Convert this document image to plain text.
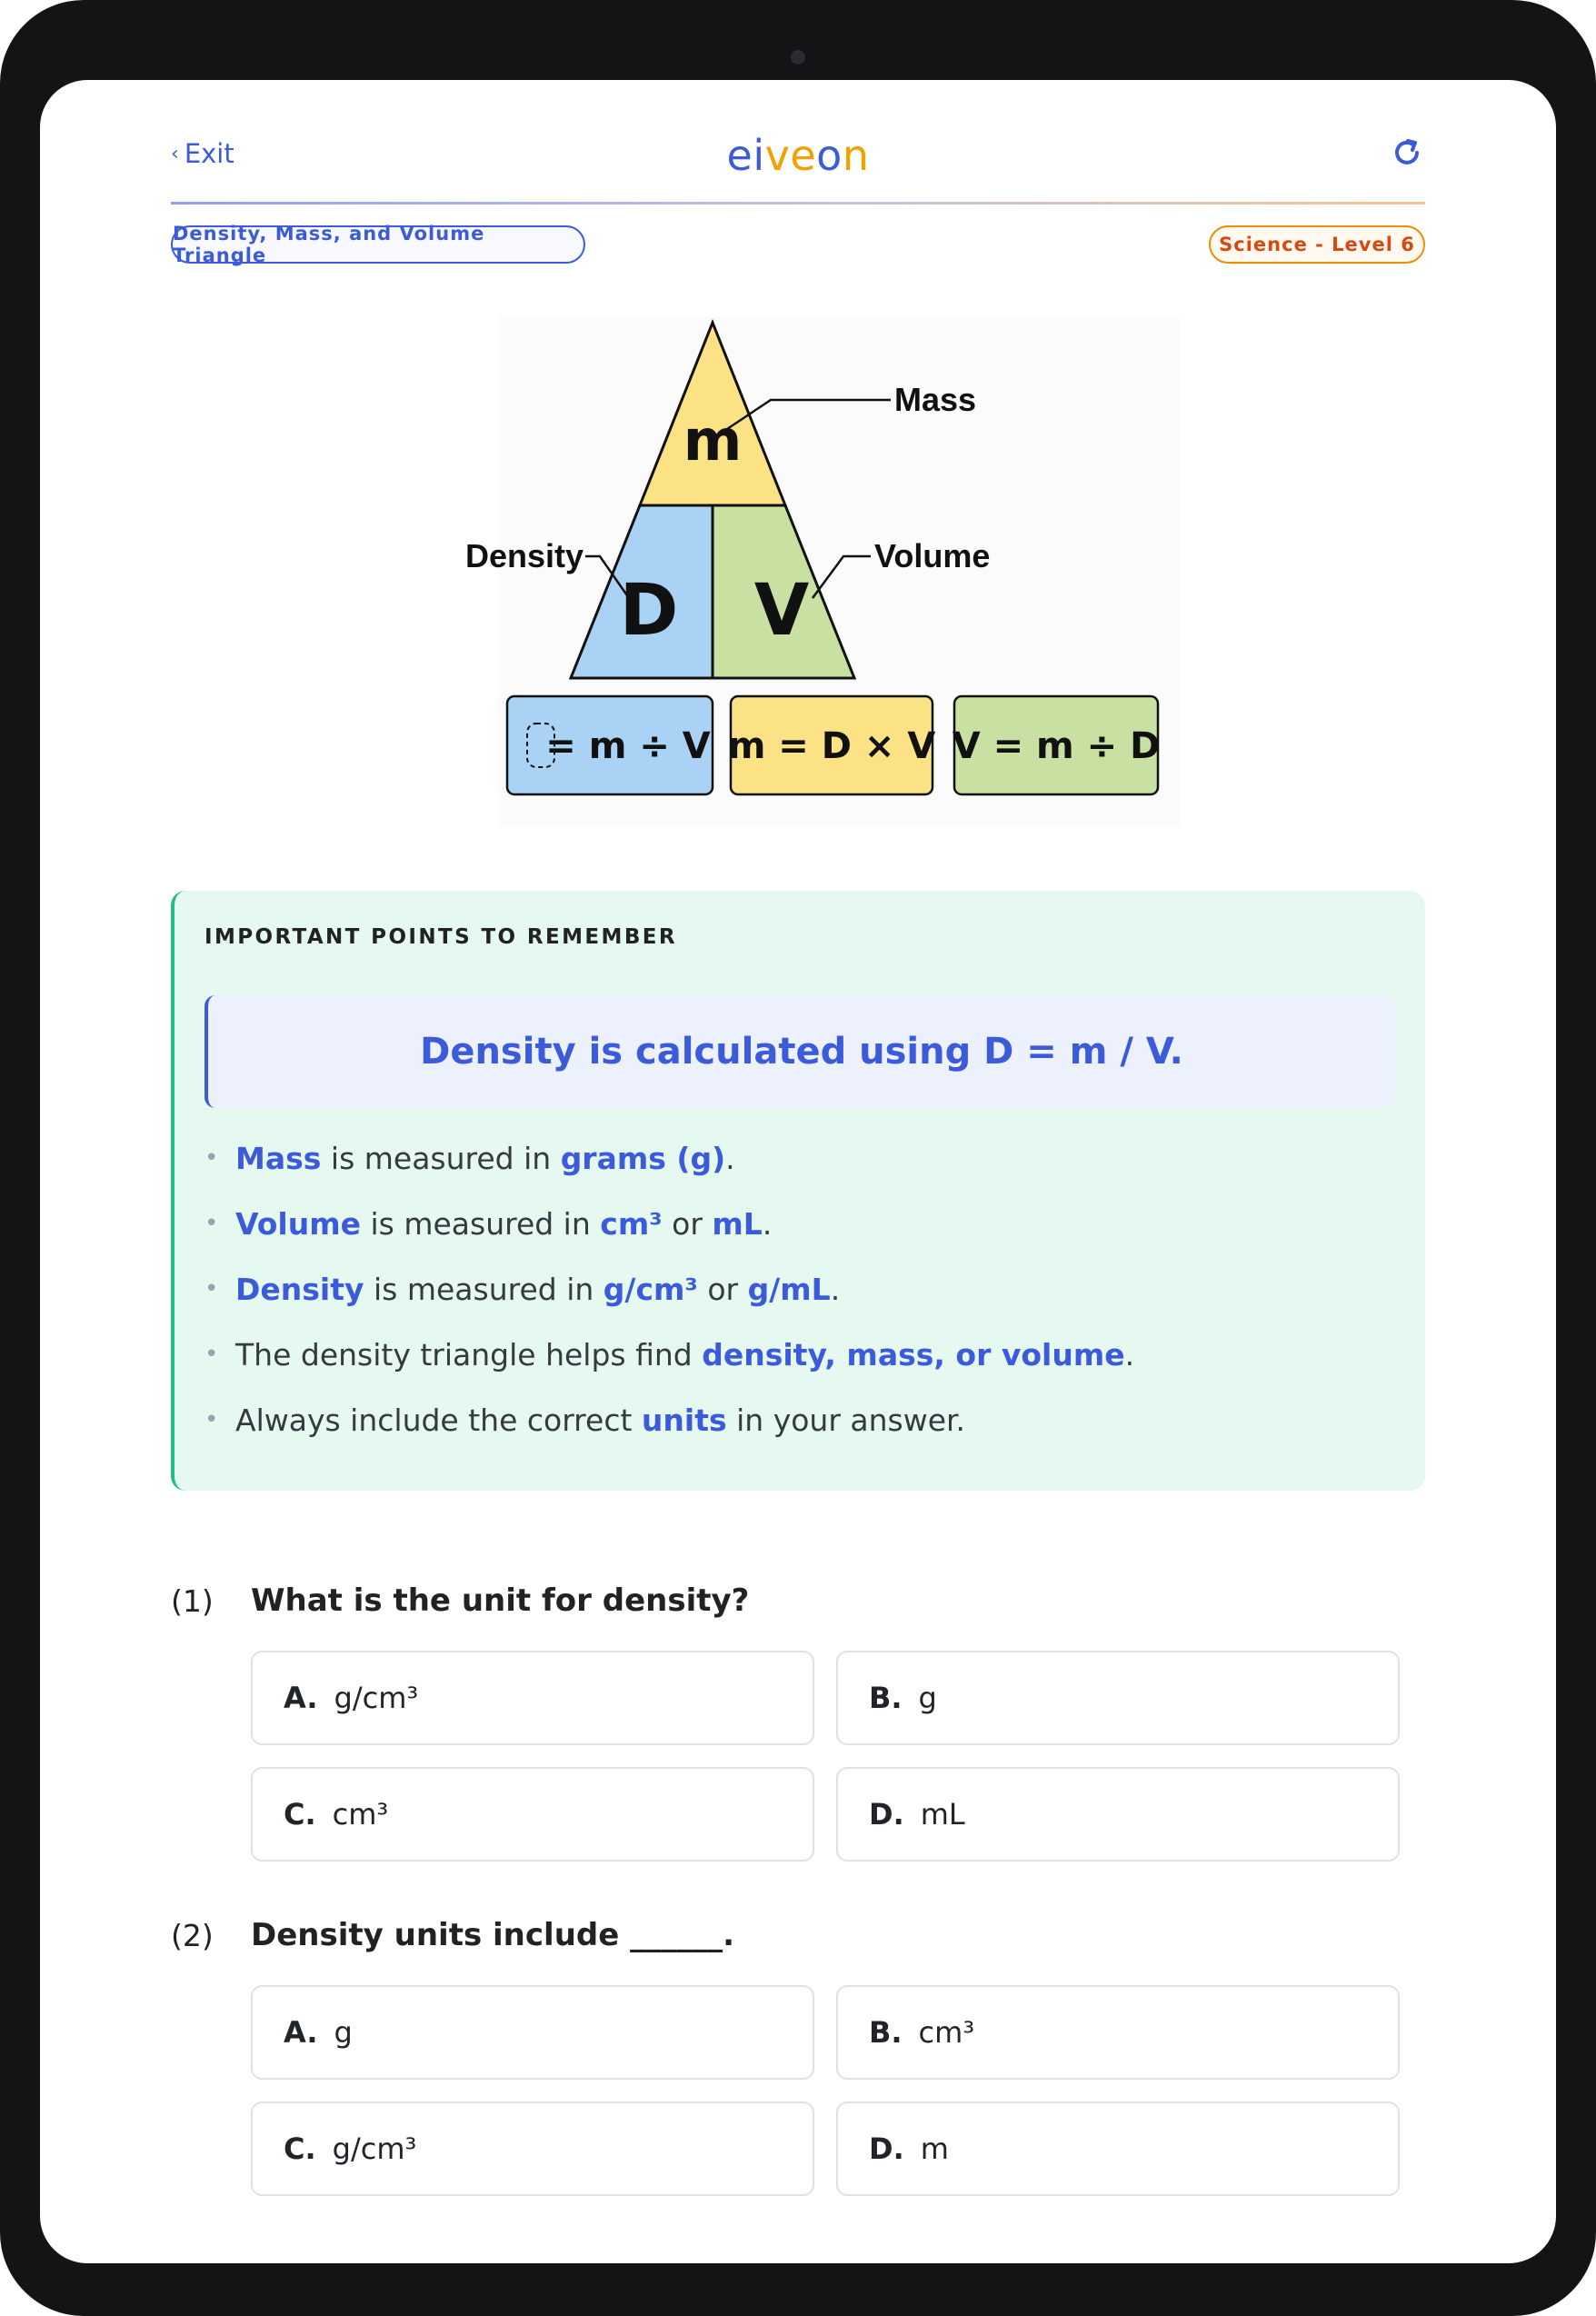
‹ Exit	eiveon
Density, Mass, and Volume Triangle	Science - Level 6
m
D V
Mass
Density	Volume
= m ÷ V m = D × V V = m ÷ D
IMPORTANT POINTS TO REMEMBER
Density is calculated using D = m / V.
• Mass is measured in grams (g).
• Volume is measured in cm³ or mL.
• Density is measured in g/cm³ or g/mL.
• The density triangle helps find density, mass, or volume.
• Always include the correct units in your answer.
(1)	What is the unit for density?
A. g/cm³	B. g
C. cm³	D. mL
(2)	Density units include ______.
A. g	B. cm³
C. g/cm³	D. m
